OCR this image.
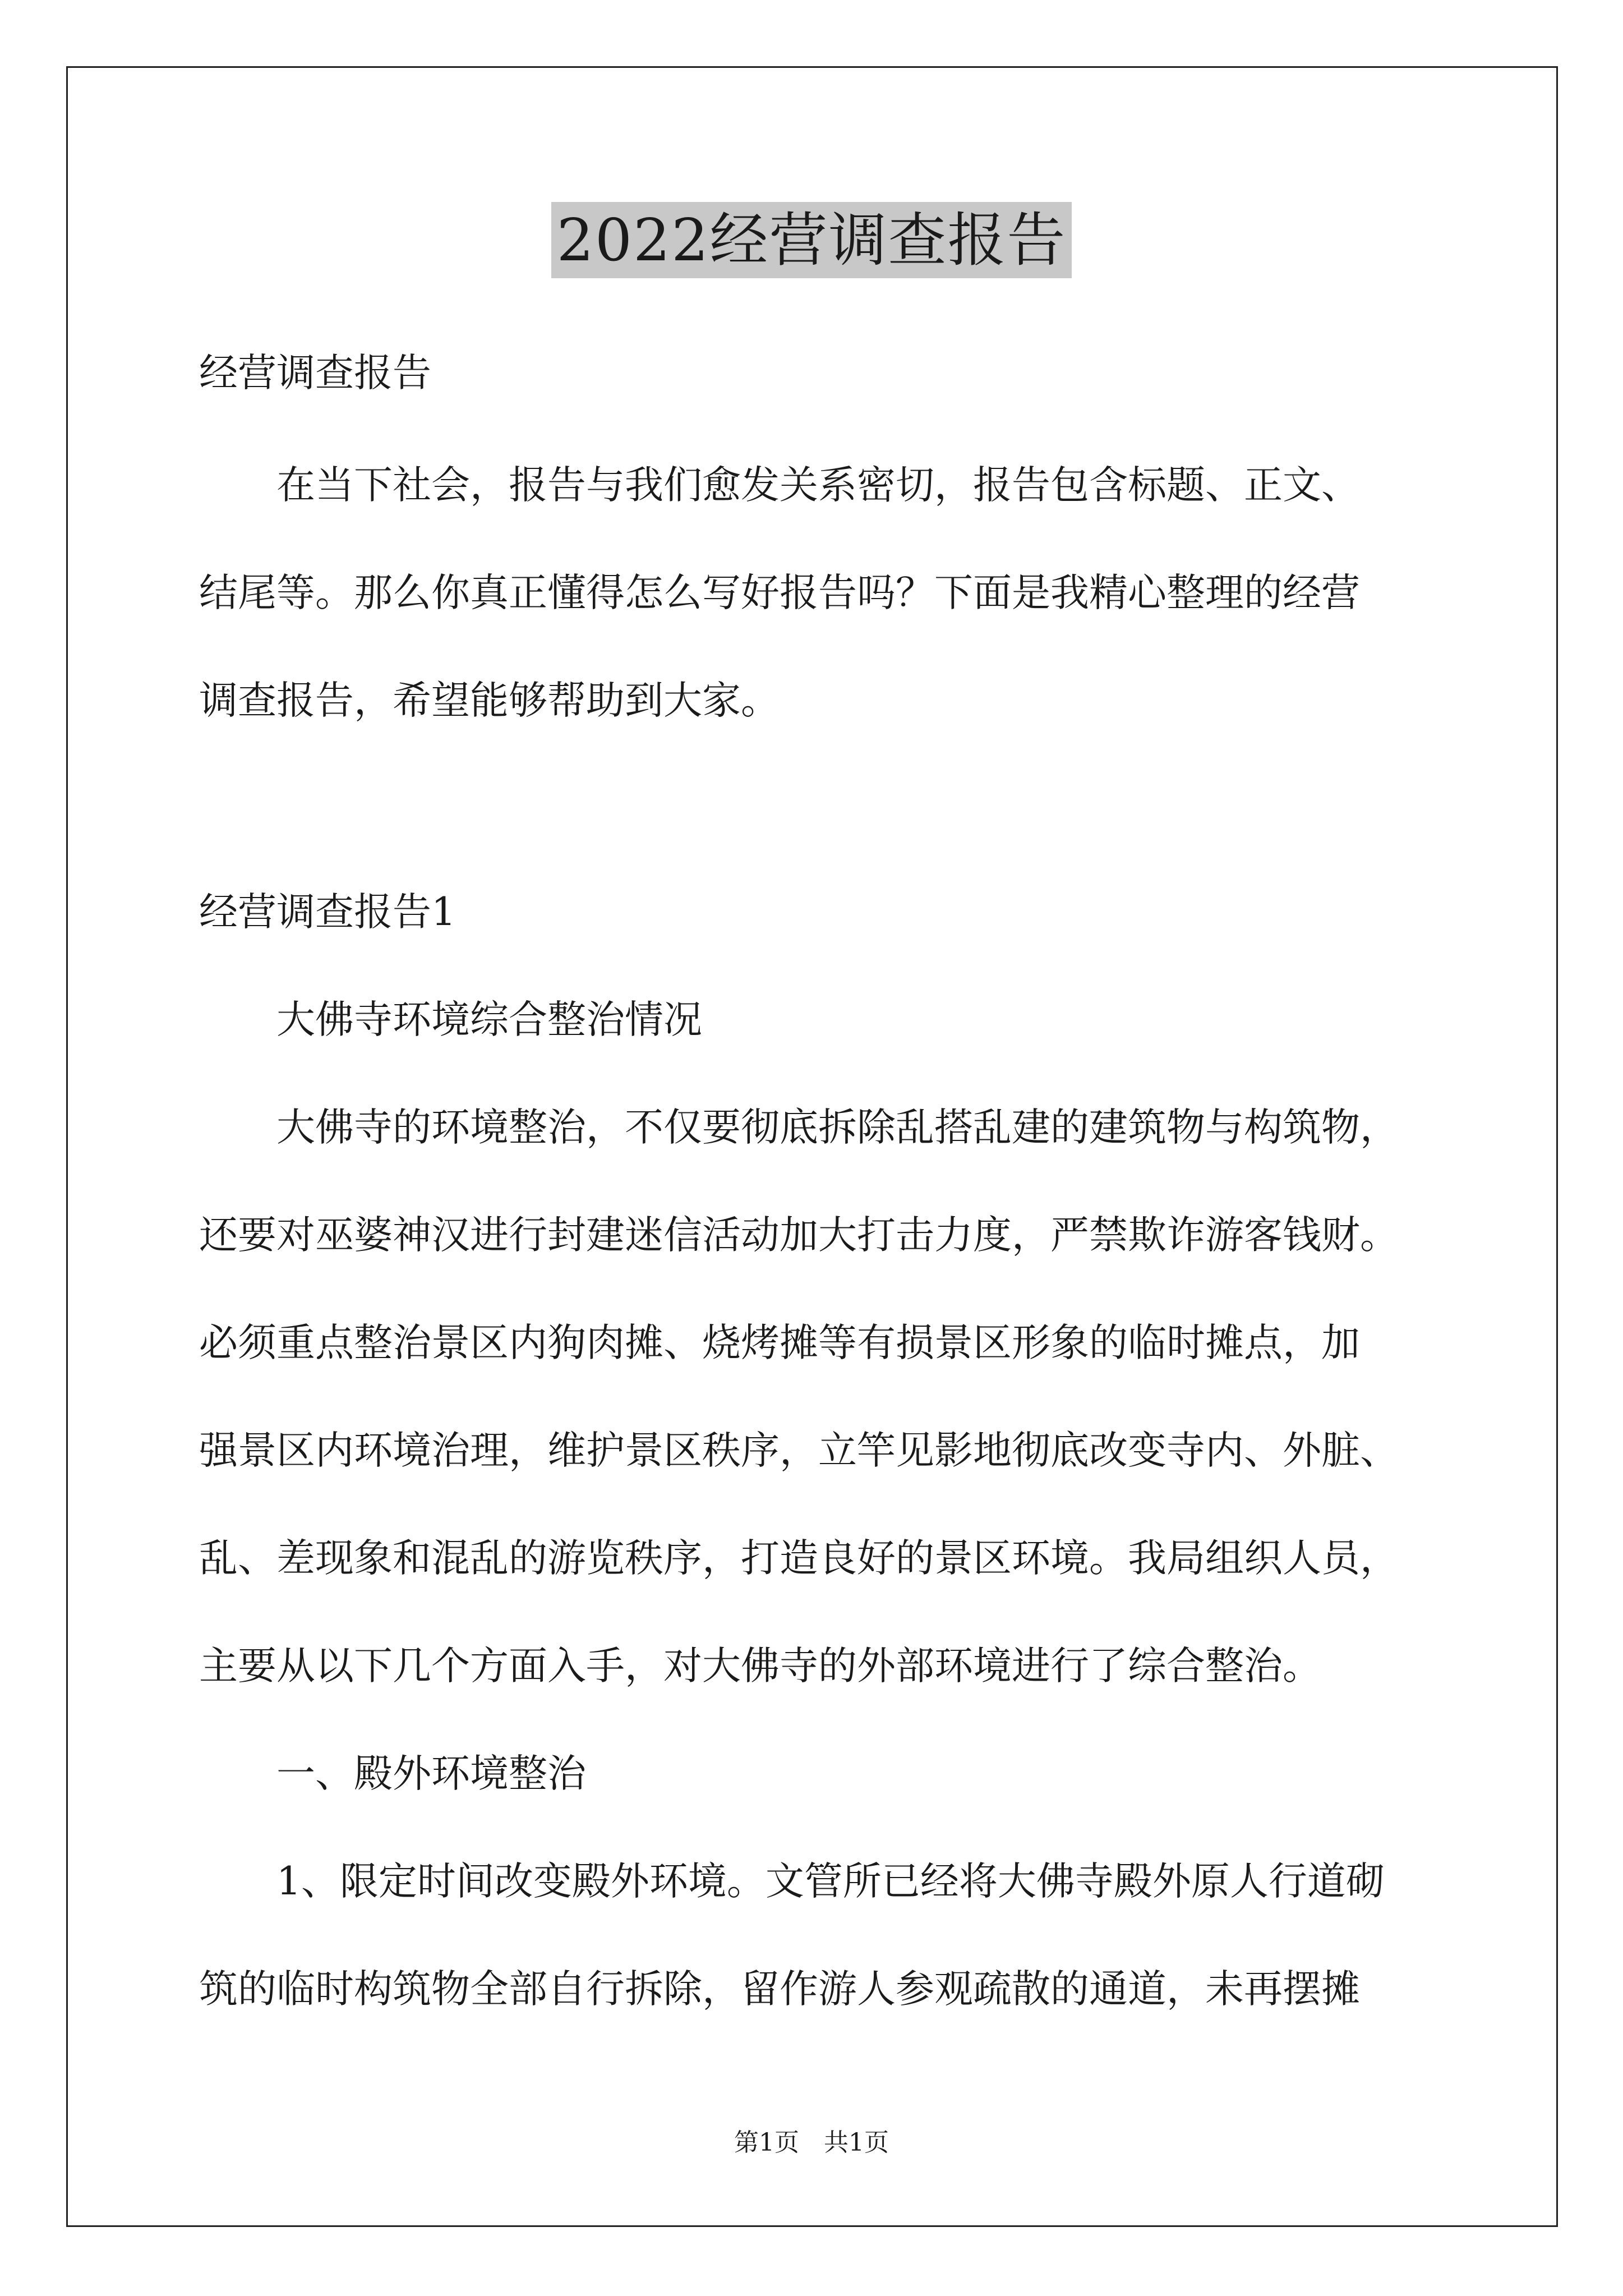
2022经营调查报告

经营调查报告

　　在当下社会，报告与我们愈发关系密切，报告包含标题、正文、

结尾等。那么你真正懂得怎么写好报告吗？下面是我精心整理的经营

调查报告，希望能够帮助到大家。

经营调查报告1

　　大佛寺环境综合整治情况

　　大佛寺的环境整治，不仅要彻底拆除乱搭乱建的建筑物与构筑物，

还要对巫婆神汉进行封建迷信活动加大打击力度，严禁欺诈游客钱财。

必须重点整治景区内狗肉摊、烧烤摊等有损景区形象的临时摊点，加

强景区内环境治理，维护景区秩序，立竿见影地彻底改变寺内、外脏、

乱、差现象和混乱的游览秩序，打造良好的景区环境。我局组织人员，

主要从以下几个方面入手，对大佛寺的外部环境进行了综合整治。

　　一、殿外环境整治

　　1、限定时间改变殿外环境。文管所已经将大佛寺殿外原人行道砌

筑的临时构筑物全部自行拆除，留作游人参观疏散的通道，未再摆摊

第1页　共1页
